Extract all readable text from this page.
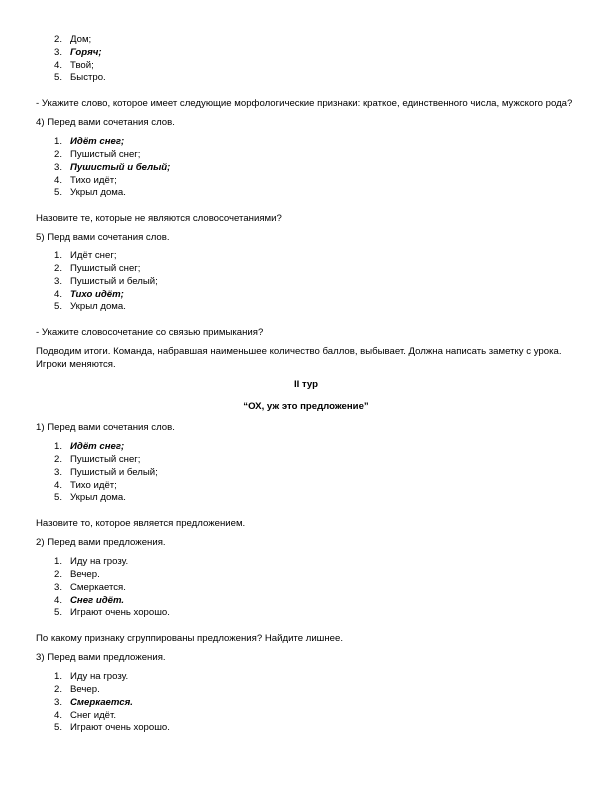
2. Дом;
3. Горяч;
4. Твой;
5. Быстро.

- Укажите слово, которое имеет следующие морфологические признаки: краткое, единственного числа, мужского рода?

4) Перед вами сочетания слов.

1. Идёт снег;
2. Пушистый снег;
3. Пушистый и белый;
4. Тихо идёт;
5. Укрыл дома.

Назовите те, которые не являются словосочетаниями?

5) Перд вами сочетания слов.

1. Идёт снег;
2. Пушистый снег;
3. Пушистый и белый;
4. Тихо идёт;
5. Укрыл дома.

- Укажите словосочетание со связью примыкания?

Подводим итоги. Команда, набравшая наименьшее количество баллов, выбывает. Должна написать заметку с урока. Игроки меняются.

II тур

“ОХ, уж это предложение”

1) Перед вами сочетания слов.

1. Идёт снег;
2. Пушистый снег;
3. Пушистый и белый;
4. Тихо идёт;
5. Укрыл дома.

Назовите то, которое является предложением.

2) Перед вами предложения.

1. Иду на грозу.
2. Вечер.
3. Смеркается.
4. Снег идёт.
5. Играют очень хорошо.

По какому признаку сгруппированы предложения? Найдите лишнее.

3) Перед вами предложения.

1. Иду на грозу.
2. Вечер.
3. Смеркается.
4. Снег идёт.
5. Играют очень хорошо.
